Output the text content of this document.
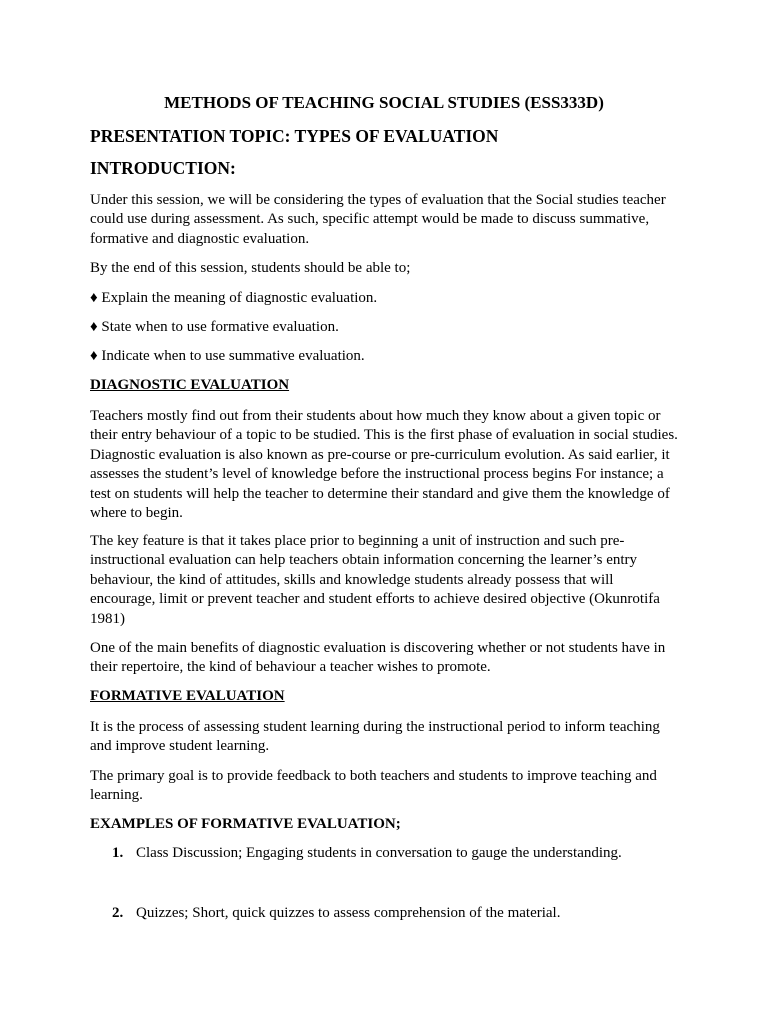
METHODS OF TEACHING SOCIAL STUDIES (ESS333D)
PRESENTATION TOPIC: TYPES OF EVALUATION
INTRODUCTION:
Under this session, we will be considering the types of evaluation that the Social studies teacher could use during assessment. As such, specific attempt would be made to discuss summative, formative and diagnostic evaluation.
By the end of this session, students should be able to;
♦ Explain the meaning of diagnostic evaluation.
♦ State when to use formative evaluation.
♦ Indicate when to use summative evaluation.
DIAGNOSTIC EVALUATION
Teachers mostly find out from their students about how much they know about a given topic or their entry behaviour of a topic to be studied. This is the first phase of evaluation in social studies. Diagnostic evaluation is also known as pre-course or pre-curriculum evolution. As said earlier, it assesses the student’s level of knowledge before the instructional process begins For instance; a test on students will help the teacher to determine their standard and give them the knowledge of where to begin.
The key feature is that it takes place prior to beginning a unit of instruction and such pre-instructional evaluation can help teachers obtain information concerning the learner’s entry behaviour, the kind of attitudes, skills and knowledge students already possess that will encourage, limit or prevent teacher and student efforts to achieve desired objective (Okunrotifa 1981)
One of the main benefits of diagnostic evaluation is discovering whether or not students have in their repertoire, the kind of behaviour a teacher wishes to promote.
FORMATIVE EVALUATION
It is the process of assessing student learning during the instructional period to inform teaching and improve student learning.
The primary goal is to provide feedback to both teachers and students to improve teaching and learning.
EXAMPLES OF FORMATIVE EVALUATION;
1. Class Discussion; Engaging students in conversation to gauge the understanding.
2. Quizzes; Short, quick quizzes to assess comprehension of the material.
